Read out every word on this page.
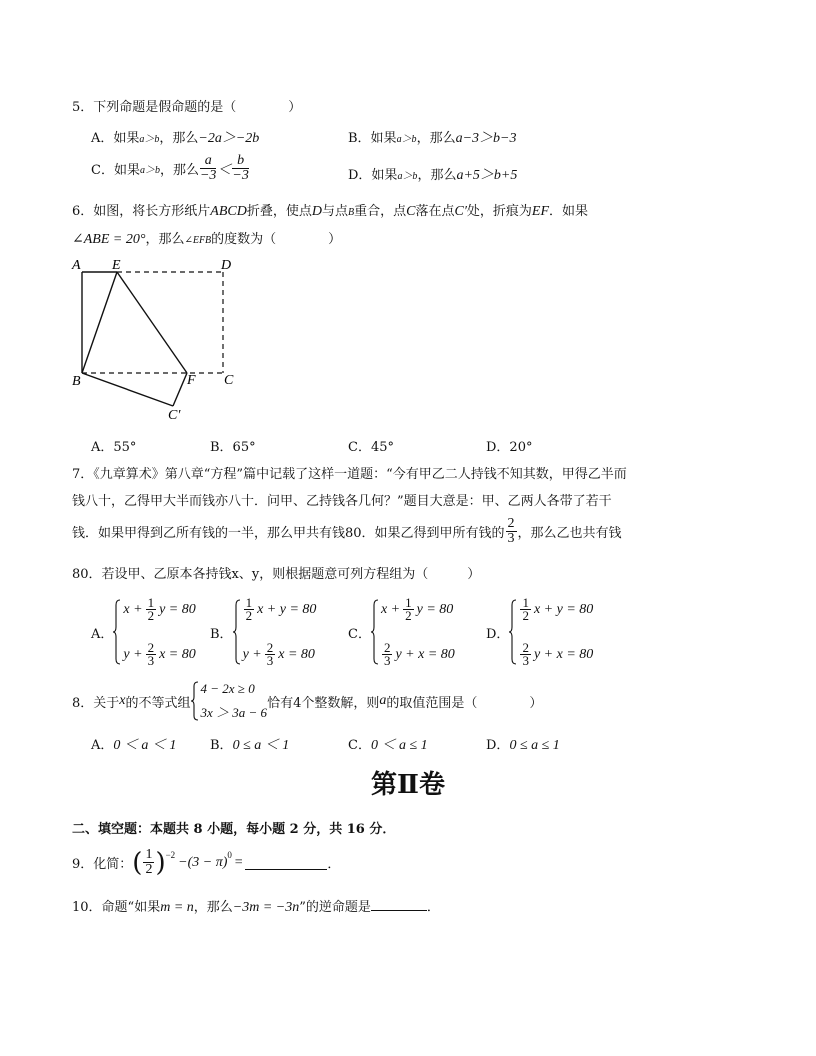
5．下列命题是假命题的是（　　　　）
A．如果a＞b，那么−2a＞−2b	B．如果a＞b，那么a−3＞b−3
C．如果 a＞b ，那么 $\frac{a}{-3} < \frac{b}{-3}$	D．如果a＞b，那么a+5＞b+5
6．如图，将长方形纸片ABCD折叠，使点D与点B重合，点C落在点C′处，折痕为EF．如果
∠ABE = 20°，那么∠EFB的度数为（　　　　）
A E	D
B	F C
C′
A．55°	B．65°	C．45°	D．20°
7．《九章算术》第八章“方程”篇中记载了这样一道题：“今有甲乙二人持钱不知其数，甲得乙半而
钱八十，乙得甲大半而钱亦八十．问甲、乙持钱各几何？”题目大意是：甲、乙两人各带了若干
钱．如果甲得到乙所有钱的一半，那么甲共有钱80．如果乙得到甲所有钱的 $\frac{2}{3}$ ，那么乙也共有钱
80．若设甲、乙原本各持钱x、y，则根据题意可列方程组为（　　　）
A．
$x + \frac{1}{2}$ y = 80
$y + \frac{2}{3}$ x = 80
B．
$\frac{1}{2}$ x + y = 80
$y + \frac{2}{3}$ x = 80
C．
$x + \frac{1}{2}$ y = 80
$\frac{2}{3}$ y + x = 80
D．
$\frac{1}{2}$ x + y = 80
$\frac{2}{3}$ y + x = 80
8．关于 x 的不等式组
4 − 2x ≥ 0
3x ＞ 3a − 6
恰有4个整数解，则 a 的取值范围是（　　　　）
A．0 ＜ a ＜ 1	B．0 ≤ a ＜ 1	C．0 ＜ a ≤ 1	D．0 ≤ a ≤ 1
第Ⅱ卷
二、填空题：本题共 8 小题，每小题 2 分，共 16 分．
9．化简： ( $\frac{1}{2}$ ) −2 −(3 − π) 0 =	．
10．命题“如果m = n，那么−3m = −3n”的逆命题是	．
